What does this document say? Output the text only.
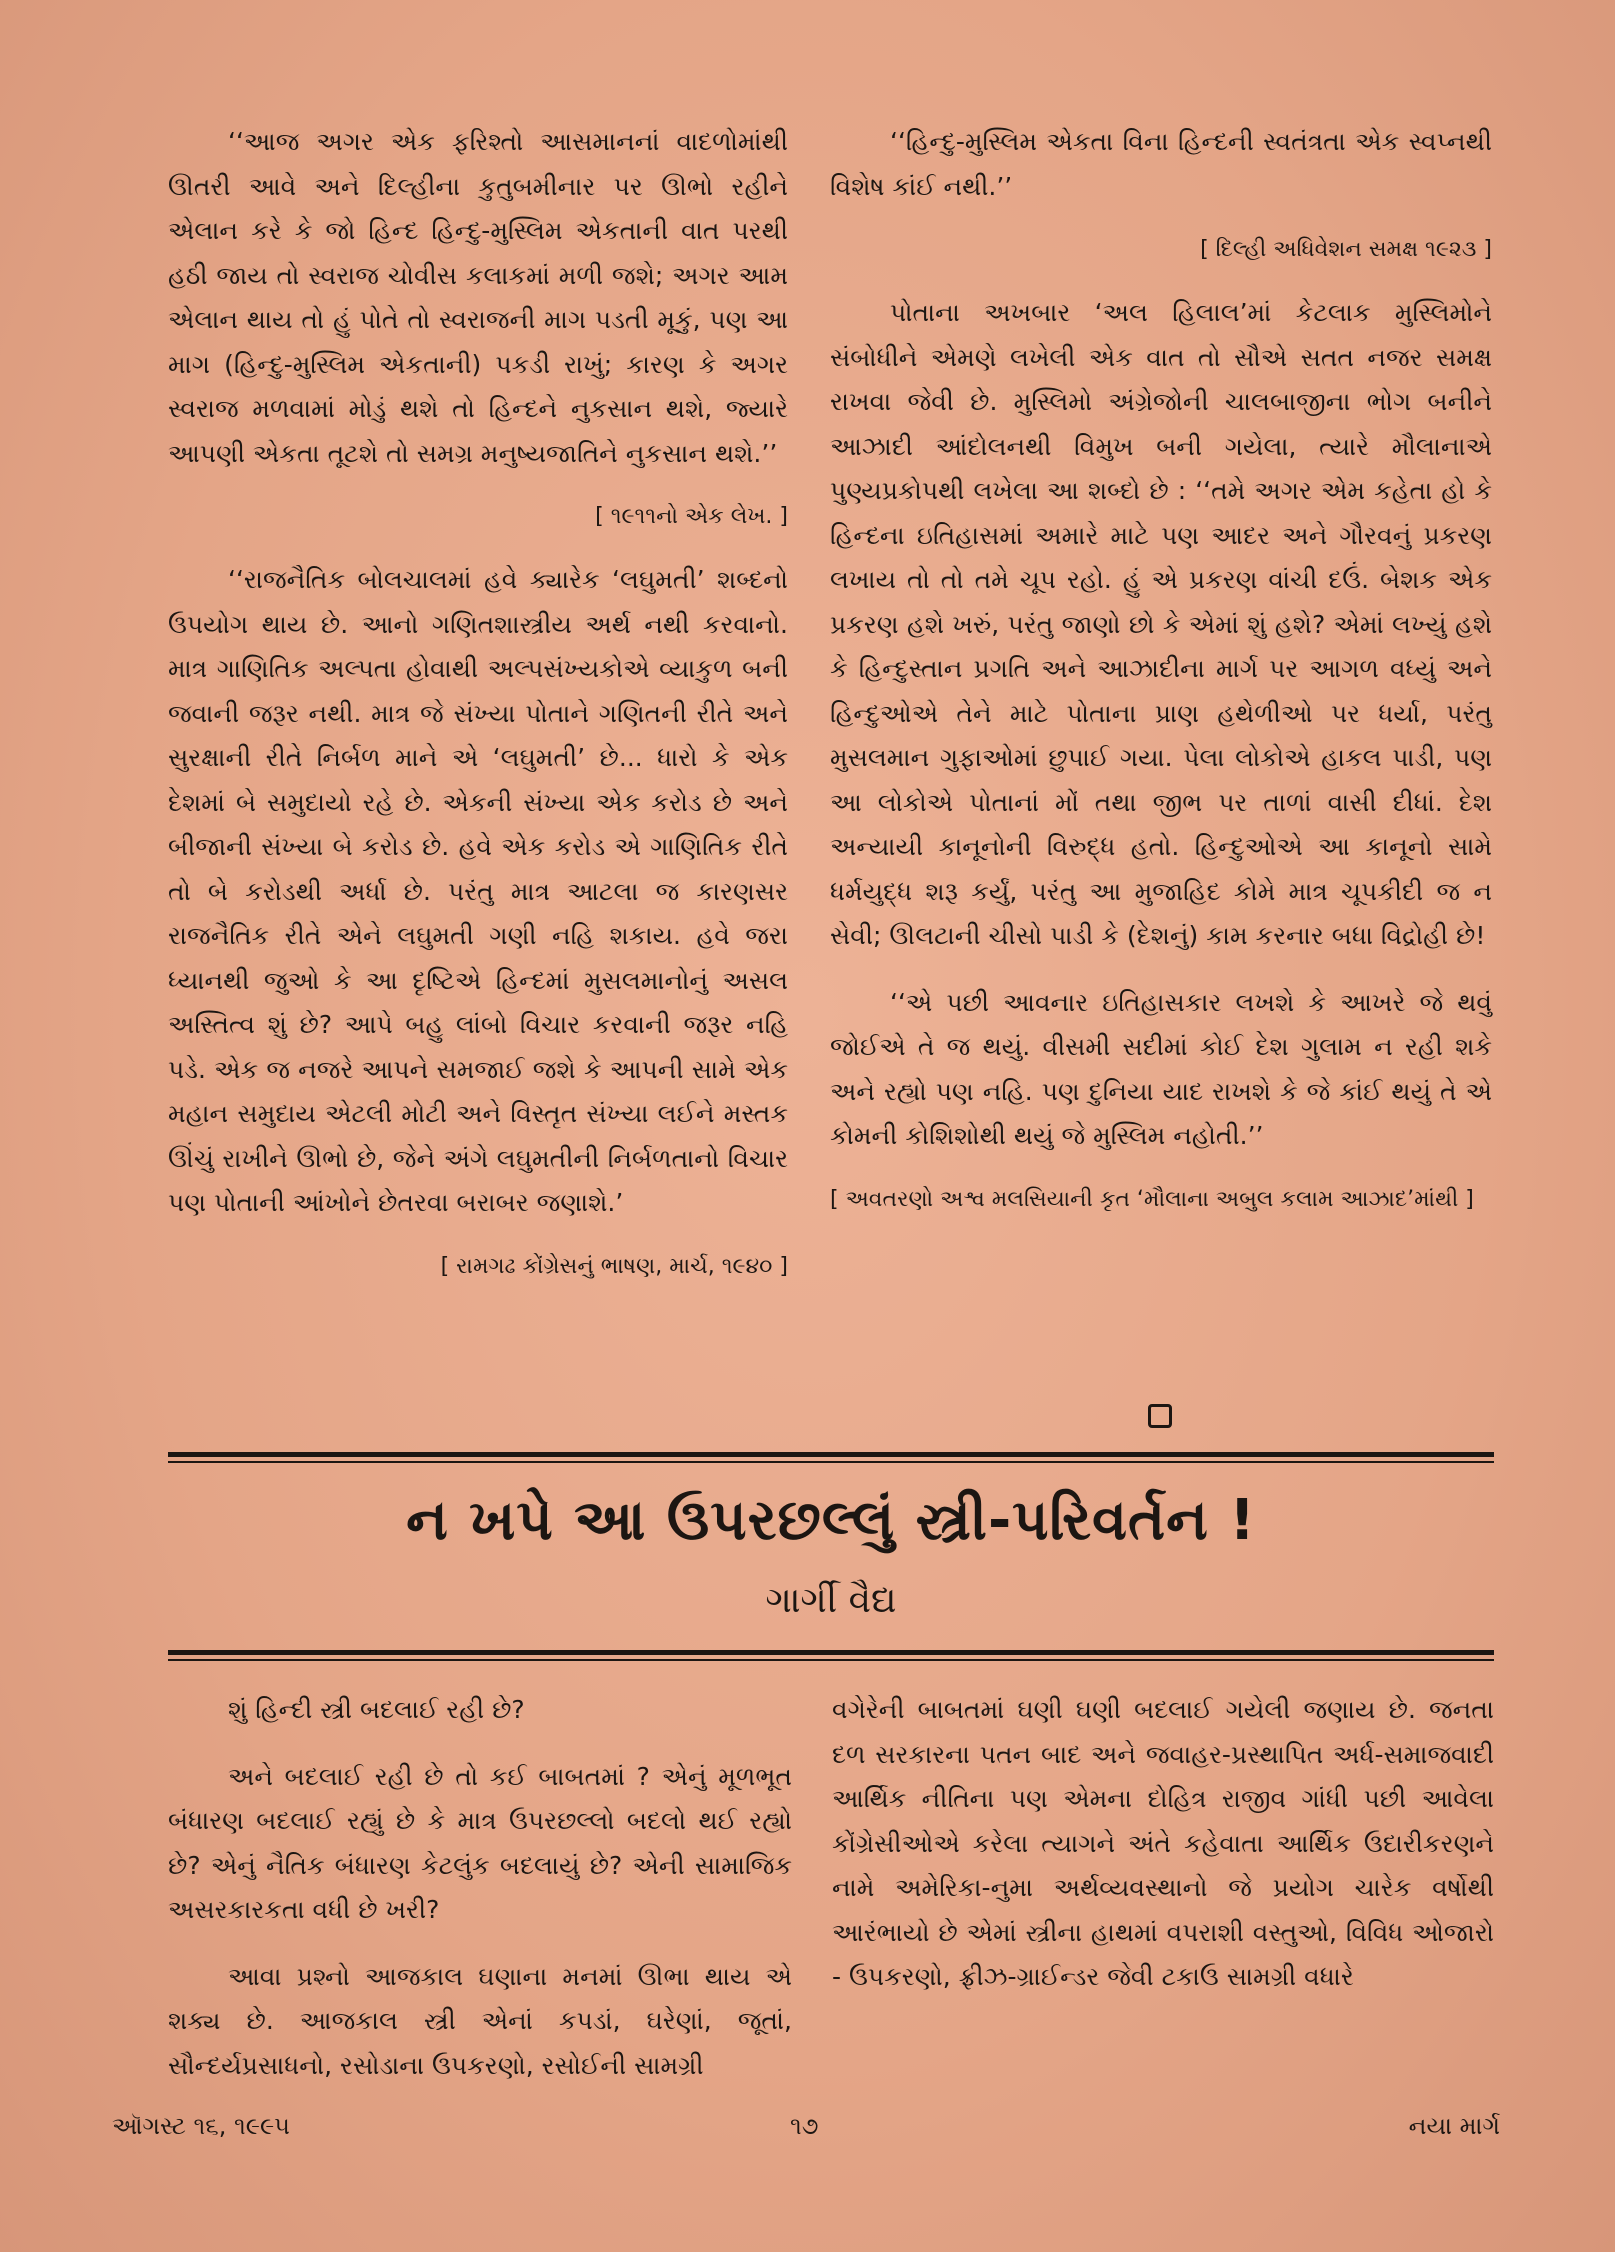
‘‘આજ અગર એક ફરિશ્તો આસમાનનાં વાદળોમાંથી ઊતરી આવે અને દિલ્હીના કુતુબમીનાર પર ઊભો રહીને એલાન કરે કે જો હિન્દ હિન્દુ-મુસ્લિમ એકતાની વાત પરથી હઠી જાય તો સ્વરાજ ચોવીસ કલાકમાં મળી જશે; અગર આમ એલાન થાય તો હું પોતે તો સ્વરાજની માગ પડતી મૂકું, પણ આ માગ (હિન્દુ-મુસ્લિમ એકતાની) પકડી રાખું; કારણ કે અગર સ્વરાજ મળવામાં મોડું થશે તો હિન્દને નુકસાન થશે, જ્યારે આપણી એકતા તૂટશે તો સમગ્ર મનુષ્યજાતિને નુકસાન થશે.’’

[ ૧૯૧૧નો એક લેખ. ]

‘‘રાજનૈતિક બોલચાલમાં હવે ક્યારેક ‘લઘુમતી’ શબ્દનો ઉપયોગ થાય છે. આનો ગણિતશાસ્ત્રીય અર્થ નથી કરવાનો. માત્ર ગાણિતિક અલ્પતા હોવાથી અલ્પસંખ્યકોએ વ્યાકુળ બની જવાની જરૂર નથી. માત્ર જે સંખ્યા પોતાને ગણિતની રીતે અને સુરક્ષાની રીતે નિર્બળ માને એ ‘લઘુમતી’ છે... ધારો કે એક દેશમાં બે સમુદાયો રહે છે. એકની સંખ્યા એક કરોડ છે અને બીજાની સંખ્યા બે કરોડ છે. હવે એક કરોડ એ ગાણિતિક રીતે તો બે કરોડથી અર્ધા છે. પરંતુ માત્ર આટલા જ કારણસર રાજનૈતિક રીતે એને લઘુમતી ગણી નહિ શકાય. હવે જરા ધ્યાનથી જુઓ કે આ દૃષ્ટિએ હિન્દમાં મુસલમાનોનું અસલ અસ્તિત્વ શું છે? આપે બહુ લાંબો વિચાર કરવાની જરૂર નહિ પડે. એક જ નજરે આપને સમજાઈ જશે કે આપની સામે એક મહાન સમુદાય એટલી મોટી અને વિસ્તૃત સંખ્યા લઈને મસ્તક ઊંચું રાખીને ઊભો છે, જેને અંગે લઘુમતીની નિર્બળતાનો વિચાર પણ પોતાની આંખોને છેતરવા બરાબર જણાશે.’

[ રામગઢ કોંગ્રેસનું ભાષણ, માર્ચ, ૧૯૪૦ ]

‘‘હિન્દુ-મુસ્લિમ એકતા વિના હિન્દની સ્વતંત્રતા એક સ્વપ્નથી વિશેષ કાંઈ નથી.’’

[ દિલ્હી અધિવેશન સમક્ષ ૧૯૨૩ ]

પોતાના અખબાર ‘અલ હિલાલ’માં કેટલાક મુસ્લિમોને સંબોધીને એમણે લખેલી એક વાત તો સૌએ સતત નજર સમક્ષ રાખવા જેવી છે. મુસ્લિમો અંગ્રેજોની ચાલબાજીના ભોગ બનીને આઝાદી આંદોલનથી વિમુખ બની ગયેલા, ત્યારે મૌલાનાએ પુણ્યપ્રકોપથી લખેલા આ શબ્દો છે : ‘‘તમે અગર એમ કહેતા હો કે હિન્દના ઇતિહાસમાં અમારે માટે પણ આદર અને ગૌરવનું પ્રકરણ લખાય તો તો તમે ચૂપ રહો. હું એ પ્રકરણ વાંચી દઉં. બેશક એક પ્રકરણ હશે ખરું, પરંતુ જાણો છો કે એમાં શું હશે? એમાં લખ્યું હશે કે હિન્દુસ્તાન પ્રગતિ અને આઝાદીના માર્ગ પર આગળ વધ્યું અને હિન્દુઓએ તેને માટે પોતાના પ્રાણ હથેળીઓ પર ધર્યા, પરંતુ મુસલમાન ગુફાઓમાં છુપાઈ ગયા. પેલા લોકોએ હાકલ પાડી, પણ આ લોકોએ પોતાનાં મોં તથા જીભ પર તાળાં વાસી દીધાં. દેશ અન્યાયી કાનૂનોની વિરુદ્ધ હતો. હિન્દુઓએ આ કાનૂનો સામે ધર્મયુદ્ધ શરૂ કર્યું, પરંતુ આ મુજાહિદ કોમે માત્ર ચૂપકીદી જ ન સેવી; ઊલટાની ચીસો પાડી કે (દેશનું) કામ કરનાર બધા વિદ્રોહી છે!

‘‘એ પછી આવનાર ઇતિહાસકાર લખશે કે આખરે જે થવું જોઈએ તે જ થયું. વીસમી સદીમાં કોઈ દેશ ગુલામ ન રહી શકે અને રહ્યો પણ નહિ. પણ દુનિયા યાદ રાખશે કે જે કાંઈ થયું તે એ કોમની કોશિશોથી થયું જે મુસ્લિમ નહોતી.’’

[ અવતરણો અશ્વ મલસિયાની કૃત ‘મૌલાના અબુલ કલામ આઝાદ’માંથી ]

ન ખપે આ ઉપરછલ્લું સ્ત્રી-પરિવર્તન !
ગાર્ગી વૈદ્ય

શું હિન્દી સ્ત્રી બદલાઈ રહી છે?

અને બદલાઈ રહી છે તો કઈ બાબતમાં ? એનું મૂળભૂત બંધારણ બદલાઈ રહ્યું છે કે માત્ર ઉપરછલ્લો બદલો થઈ રહ્યો છે? એનું નૈતિક બંધારણ કેટલુંક બદલાયું છે? એની સામાજિક અસરકારકતા વધી છે ખરી?

આવા પ્રશ્નો આજકાલ ઘણાના મનમાં ઊભા થાય એ શક્ય છે. આજકાલ સ્ત્રી એનાં કપડાં, ઘરેણાં, જૂતાં, સૌન્દર્યપ્રસાધનો, રસોડાના ઉપકરણો, રસોઈની સામગ્રી

વગેરેની બાબતમાં ઘણી ઘણી બદલાઈ ગયેલી જણાય છે. જનતા દળ સરકારના પતન બાદ અને જવાહર-પ્રસ્થાપિત અર્ધ-સમાજવાદી આર્થિક નીતિના પણ એમના દોહિત્ર રાજીવ ગાંધી પછી આવેલા કોંગ્રેસીઓએ કરેલા ત્યાગને અંતે કહેવાતા આર્થિક ઉદારીકરણને નામે અમેરિકા-નુમા અર્થવ્યવસ્થાનો જે પ્રયોગ ચારેક વર્ષોથી આરંભાયો છે એમાં સ્ત્રીના હાથમાં વપરાશી વસ્તુઓ, વિવિધ ઓજારો - ઉપકરણો, ફ્રીઝ-ગ્રાઈન્ડર જેવી ટકાઉ સામગ્રી વધારે

ઑગસ્ટ ૧૬, ૧૯૯૫	૧૭	નયા માર્ગ
